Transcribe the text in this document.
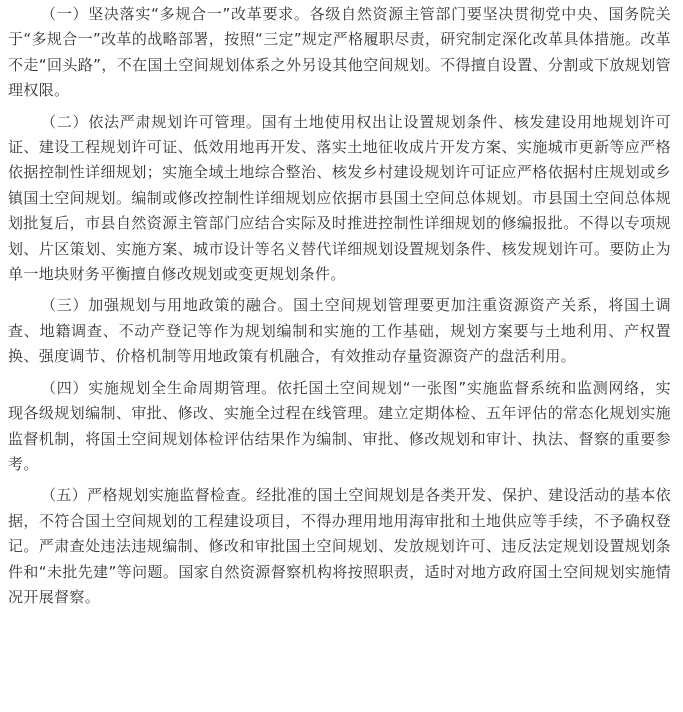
（一）坚决落实“多规合一”改革要求。各级自然资源主管部门要坚决贯彻党中央、国务院关于“多规合一”改革的战略部署，按照“三定”规定严格履职尽责，研究制定深化改革具体措施。改革不走“回头路”，不在国土空间规划体系之外另设其他空间规划。不得擅自设置、分割或下放规划管理权限。

（二）依法严肃规划许可管理。国有土地使用权出让设置规划条件、核发建设用地规划许可证、建设工程规划许可证、低效用地再开发、落实土地征收成片开发方案、实施城市更新等应严格依据控制性详细规划；实施全域土地综合整治、核发乡村建设规划许可证应严格依据村庄规划或乡镇国土空间规划。编制或修改控制性详细规划应依据市县国土空间总体规划。市县国土空间总体规划批复后，市县自然资源主管部门应结合实际及时推进控制性详细规划的修编报批。不得以专项规划、片区策划、实施方案、城市设计等名义替代详细规划设置规划条件、核发规划许可。要防止为单一地块财务平衡擅自修改规划或变更规划条件。

（三）加强规划与用地政策的融合。国土空间规划管理要更加注重资源资产关系，将国土调查、地籍调查、不动产登记等作为规划编制和实施的工作基础，规划方案要与土地利用、产权置换、强度调节、价格机制等用地政策有机融合，有效推动存量资源资产的盘活利用。

（四）实施规划全生命周期管理。依托国土空间规划“一张图”实施监督系统和监测网络，实现各级规划编制、审批、修改、实施全过程在线管理。建立定期体检、五年评估的常态化规划实施监督机制，将国土空间规划体检评估结果作为编制、审批、修改规划和审计、执法、督察的重要参考。

（五）严格规划实施监督检查。经批准的国土空间规划是各类开发、保护、建设活动的基本依据，不符合国土空间规划的工程建设项目，不得办理用地用海审批和土地供应等手续，不予确权登记。严肃查处违法违规编制、修改和审批国土空间规划、发放规划许可、违反法定规划设置规划条件和“未批先建”等问题。国家自然资源督察机构将按照职责，适时对地方政府国土空间规划实施情况开展督察。
